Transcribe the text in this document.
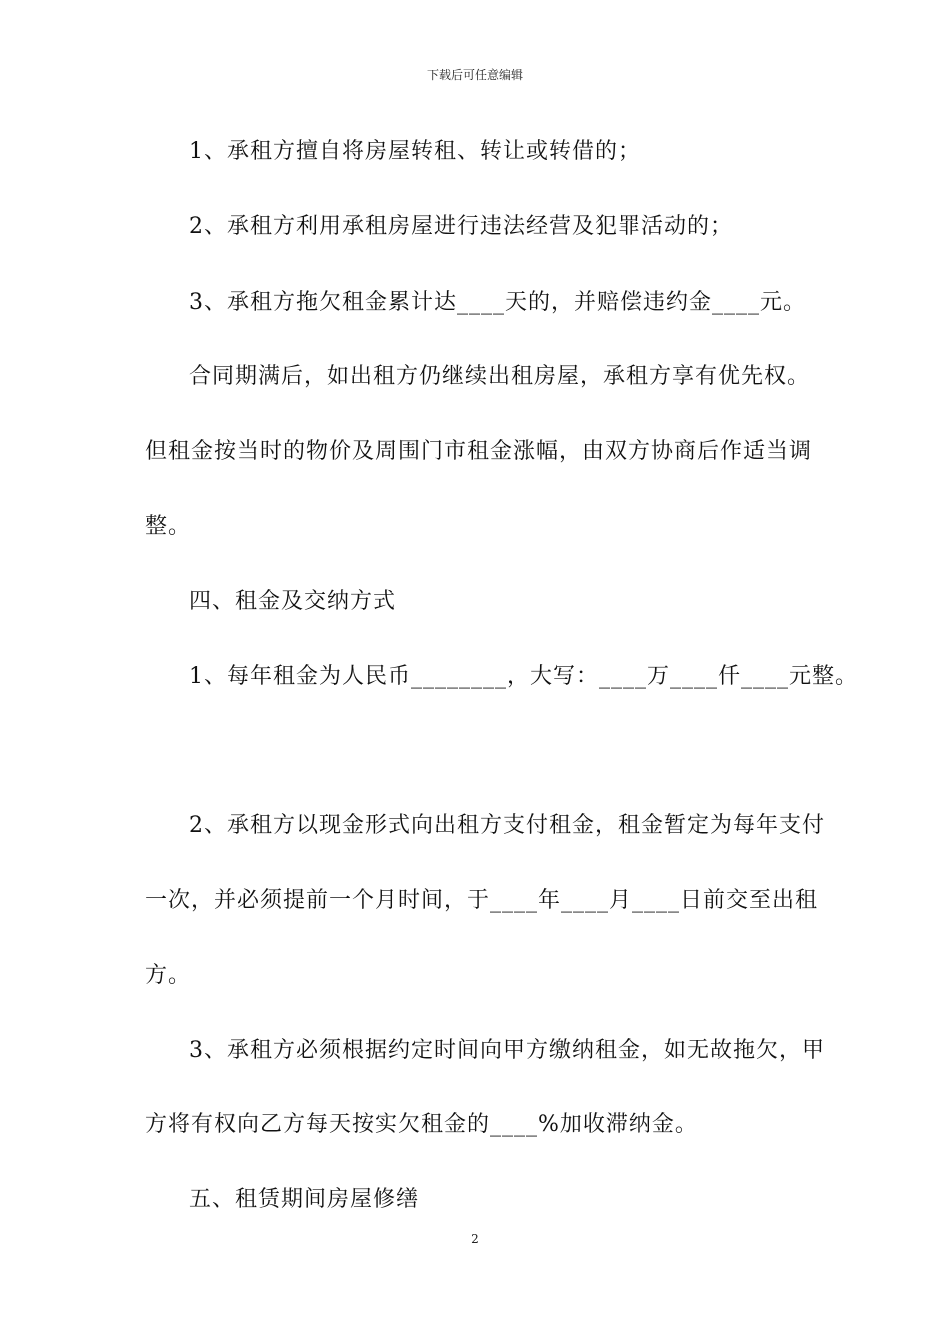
下载后可任意编辑
1、承租方擅自将房屋转租、转让或转借的；
2、承租方利用承租房屋进行违法经营及犯罪活动的；
3、承租方拖欠租金累计达____天的，并赔偿违约金____元。
合同期满后，如出租方仍继续出租房屋，承租方享有优先权。
但租金按当时的物价及周围门市租金涨幅，由双方协商后作适当调
整。
四、租金及交纳方式
1、每年租金为人民币________，大写：____万____仟____元整。
2、承租方以现金形式向出租方支付租金，租金暂定为每年支付
一次，并必须提前一个月时间，于____年____月____日前交至出租
方。
3、承租方必须根据约定时间向甲方缴纳租金，如无故拖欠，甲
方将有权向乙方每天按实欠租金的____%加收滞纳金。
五、租赁期间房屋修缮
2
